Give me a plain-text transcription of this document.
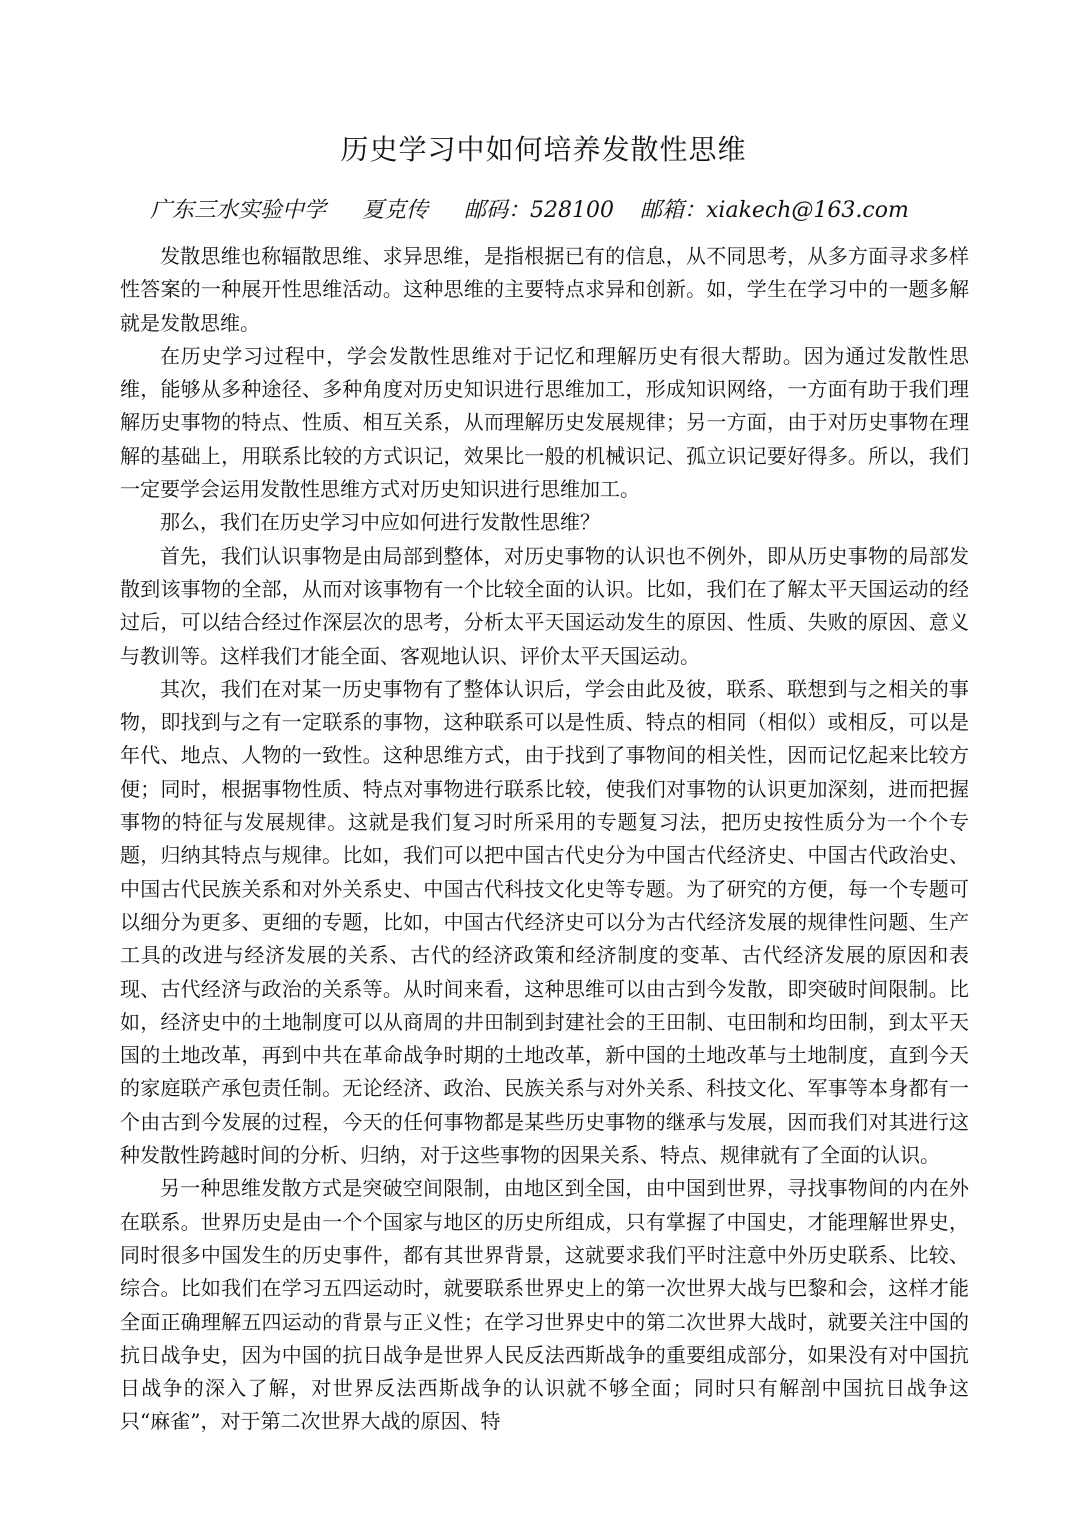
历史学习中如何培养发散性思维
广东三水实验中学 夏克传 邮码：528100 邮箱：xiakech@163.com

发散思维也称辐散思维、求异思维，是指根据已有的信息，从不同思考，从多方面寻求多样性答案的一种展开性思维活动。这种思维的主要特点求异和创新。如，学生在学习中的一题多解就是发散思维。

在历史学习过程中，学会发散性思维对于记忆和理解历史有很大帮助。因为通过发散性思维，能够从多种途径、多种角度对历史知识进行思维加工，形成知识网络，一方面有助于我们理解历史事物的特点、性质、相互关系，从而理解历史发展规律；另一方面，由于对历史事物在理解的基础上，用联系比较的方式识记，效果比一般的机械识记、孤立识记要好得多。所以，我们一定要学会运用发散性思维方式对历史知识进行思维加工。

那么，我们在历史学习中应如何进行发散性思维？

首先，我们认识事物是由局部到整体，对历史事物的认识也不例外，即从历史事物的局部发散到该事物的全部，从而对该事物有一个比较全面的认识。比如，我们在了解太平天国运动的经过后，可以结合经过作深层次的思考，分析太平天国运动发生的原因、性质、失败的原因、意义与教训等。这样我们才能全面、客观地认识、评价太平天国运动。

其次，我们在对某一历史事物有了整体认识后，学会由此及彼，联系、联想到与之相关的事物，即找到与之有一定联系的事物，这种联系可以是性质、特点的相同（相似）或相反，可以是年代、地点、人物的一致性。这种思维方式，由于找到了事物间的相关性，因而记忆起来比较方便；同时，根据事物性质、特点对事物进行联系比较，使我们对事物的认识更加深刻，进而把握事物的特征与发展规律。这就是我们复习时所采用的专题复习法，把历史按性质分为一个个专题，归纳其特点与规律。比如，我们可以把中国古代史分为中国古代经济史、中国古代政治史、中国古代民族关系和对外关系史、中国古代科技文化史等专题。为了研究的方便，每一个专题可以细分为更多、更细的专题，比如，中国古代经济史可以分为古代经济发展的规律性问题、生产工具的改进与经济发展的关系、古代的经济政策和经济制度的变革、古代经济发展的原因和表现、古代经济与政治的关系等。从时间来看，这种思维可以由古到今发散，即突破时间限制。比如，经济史中的土地制度可以从商周的井田制到封建社会的王田制、屯田制和均田制，到太平天国的土地改革，再到中共在革命战争时期的土地改革，新中国的土地改革与土地制度，直到今天的家庭联产承包责任制。无论经济、政治、民族关系与对外关系、科技文化、军事等本身都有一个由古到今发展的过程，今天的任何事物都是某些历史事物的继承与发展，因而我们对其进行这种发散性跨越时间的分析、归纳，对于这些事物的因果关系、特点、规律就有了全面的认识。

另一种思维发散方式是突破空间限制，由地区到全国，由中国到世界，寻找事物间的内在外在联系。世界历史是由一个个国家与地区的历史所组成，只有掌握了中国史，才能理解世界史，同时很多中国发生的历史事件，都有其世界背景，这就要求我们平时注意中外历史联系、比较、综合。比如我们在学习五四运动时，就要联系世界史上的第一次世界大战与巴黎和会，这样才能全面正确理解五四运动的背景与正义性；在学习世界史中的第二次世界大战时，就要关注中国的抗日战争史，因为中国的抗日战争是世界人民反法西斯战争的重要组成部分，如果没有对中国抗日战争的深入了解，对世界反法西斯战争的认识就不够全面；同时只有解剖中国抗日战争这只“麻雀”，对于第二次世界大战的原因、特
